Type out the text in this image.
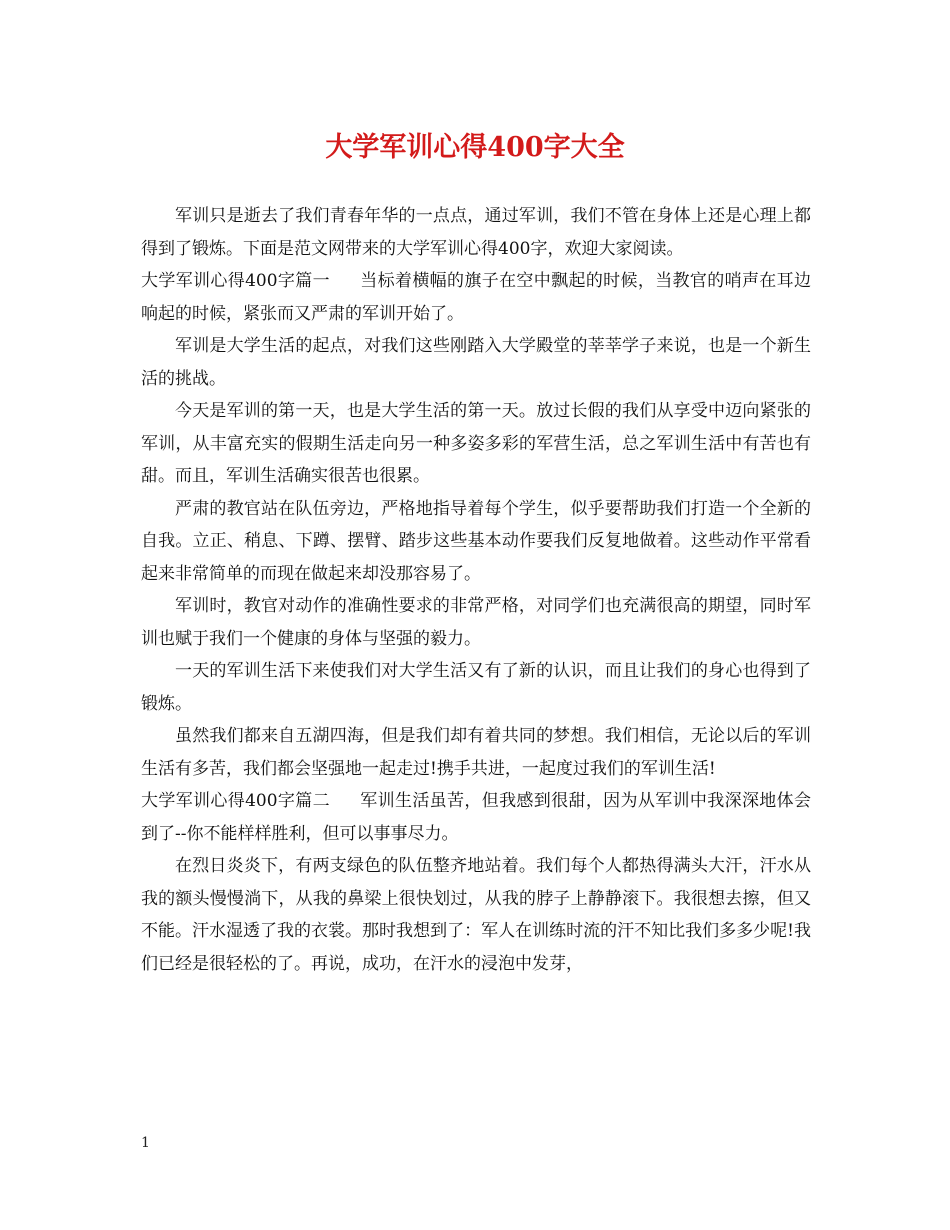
大学军训心得400字大全

军训只是逝去了我们青春年华的一点点，通过军训，我们不管在身体上还是心理上都得到了锻炼。下面是范文网带来的大学军训心得400字，欢迎大家阅读。

大学军训心得400字篇一 当标着横幅的旗子在空中飘起的时候，当教官的哨声在耳边响起的时候，紧张而又严肃的军训开始了。

军训是大学生活的起点，对我们这些刚踏入大学殿堂的莘莘学子来说，也是一个新生活的挑战。

今天是军训的第一天，也是大学生活的第一天。放过长假的我们从享受中迈向紧张的军训，从丰富充实的假期生活走向另一种多姿多彩的军营生活，总之军训生活中有苦也有甜。而且，军训生活确实很苦也很累。

严肃的教官站在队伍旁边，严格地指导着每个学生，似乎要帮助我们打造一个全新的自我。立正、稍息、下蹲、摆臂、踏步这些基本动作要我们反复地做着。这些动作平常看起来非常简单的而现在做起来却没那容易了。

军训时，教官对动作的准确性要求的非常严格，对同学们也充满很高的期望，同时军训也赋于我们一个健康的身体与坚强的毅力。

一天的军训生活下来使我们对大学生活又有了新的认识，而且让我们的身心也得到了锻炼。

虽然我们都来自五湖四海，但是我们却有着共同的梦想。我们相信，无论以后的军训生活有多苦，我们都会坚强地一起走过!携手共进，一起度过我们的军训生活!

大学军训心得400字篇二 军训生活虽苦，但我感到很甜，因为从军训中我深深地体会到了--你不能样样胜利，但可以事事尽力。

在烈日炎炎下，有两支绿色的队伍整齐地站着。我们每个人都热得满头大汗，汗水从我的额头慢慢淌下，从我的鼻梁上很快划过，从我的脖子上静静滚下。我很想去擦，但又不能。汗水湿透了我的衣裳。那时我想到了：军人在训练时流的汗不知比我们多多少呢!我们已经是很轻松的了。再说，成功，在汗水的浸泡中发芽，

1
